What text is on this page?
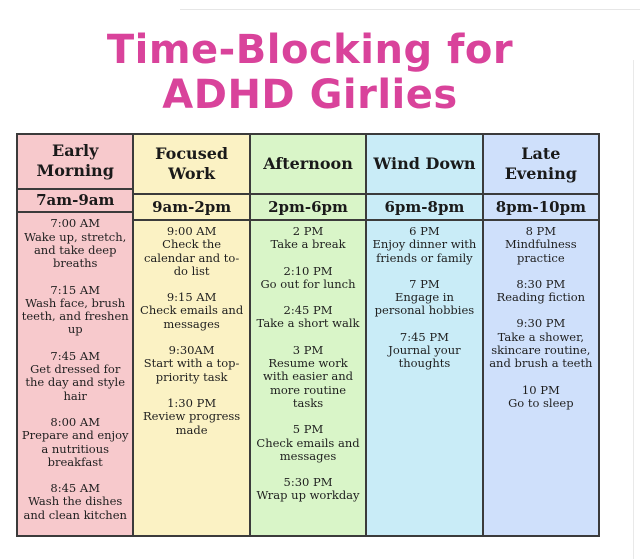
Time-Blocking for
ADHD Girlies
Early Morning
7am-9am
7:00 AM
Wake up, stretch, and take deep breaths
7:15 AM
Wash face, brush teeth, and freshen up
7:45 AM
Get dressed for the day and style hair
8:00 AM
Prepare and enjoy a nutritious breakfast
8:45 AM
Wash the dishes and clean kitchen
Focused Work
9am-2pm
9:00 AM
Check the calendar and to-do list
9:15 AM
Check emails and messages
9:30AM
Start with a top-priority task
1:30 PM
Review progress made
Afternoon
2pm-6pm
2 PM
Take a break
2:10 PM
Go out for lunch
2:45 PM
Take a short walk
3 PM
Resume work with easier and more routine tasks
5 PM
Check emails and messages
5:30 PM
Wrap up workday
Wind Down
6pm-8pm
6 PM
Enjoy dinner with friends or family
7 PM
Engage in personal hobbies
7:45 PM
Journal your thoughts
Late Evening
8pm-10pm
8 PM
Mindfulness practice
8:30 PM
Reading fiction
9:30 PM
Take a shower, skincare routine, and brush a teeth
10 PM
Go to sleep
